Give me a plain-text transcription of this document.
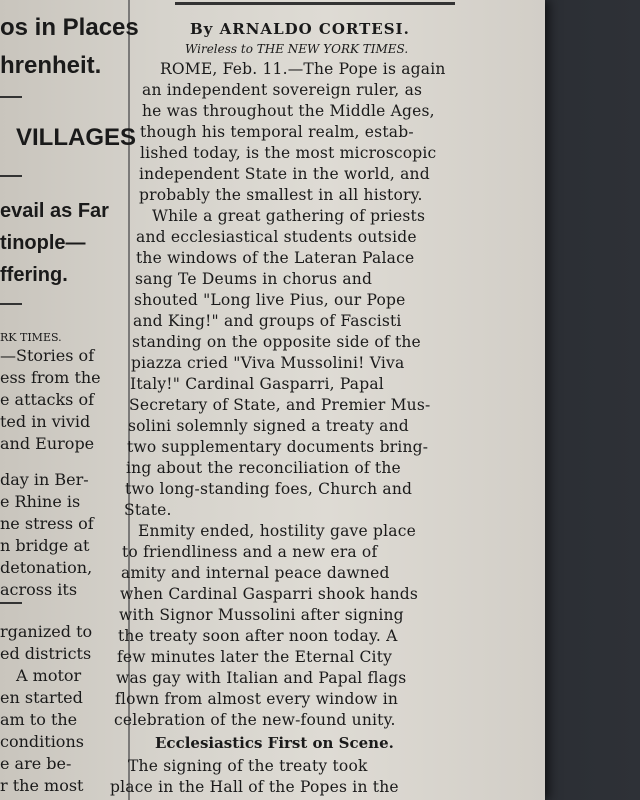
os in Places
hrenheit.
VILLAGES
evail as Far
tinople—
ffering.
RK TIMES.
—Stories of
ess from the
e attacks of
ted in vivid
and Europe
day in Ber-
e Rhine is
ne stress of
n bridge at
detonation,
across its
rganized to
ed districts
A motor
en started
am to the
conditions
e are be-
r the most
By ARNALDO CORTESI.
Wireless to THE NEW YORK TIMES.
ROME, Feb. 11.—The Pope is again
an independent sovereign ruler, as
he was throughout the Middle Ages,
though his temporal realm, estab-
lished today, is the most microscopic
independent State in the world, and
probably the smallest in all history.
While a great gathering of priests
and ecclesiastical students outside
the windows of the Lateran Palace
sang Te Deums in chorus and
shouted "Long live Pius, our Pope
and King!" and groups of Fascisti
standing on the opposite side of the
piazza cried "Viva Mussolini! Viva
Italy!" Cardinal Gasparri, Papal
Secretary of State, and Premier Mus-
solini solemnly signed a treaty and
two supplementary documents bring-
ing about the reconciliation of the
two long-standing foes, Church and
State.
Enmity ended, hostility gave place
to friendliness and a new era of
amity and internal peace dawned
when Cardinal Gasparri shook hands
with Signor Mussolini after signing
the treaty soon after noon today. A
few minutes later the Eternal City
was gay with Italian and Papal flags
flown from almost every window in
celebration of the new-found unity.
Ecclesiastics First on Scene.
The signing of the treaty took
place in the Hall of the Popes in the
